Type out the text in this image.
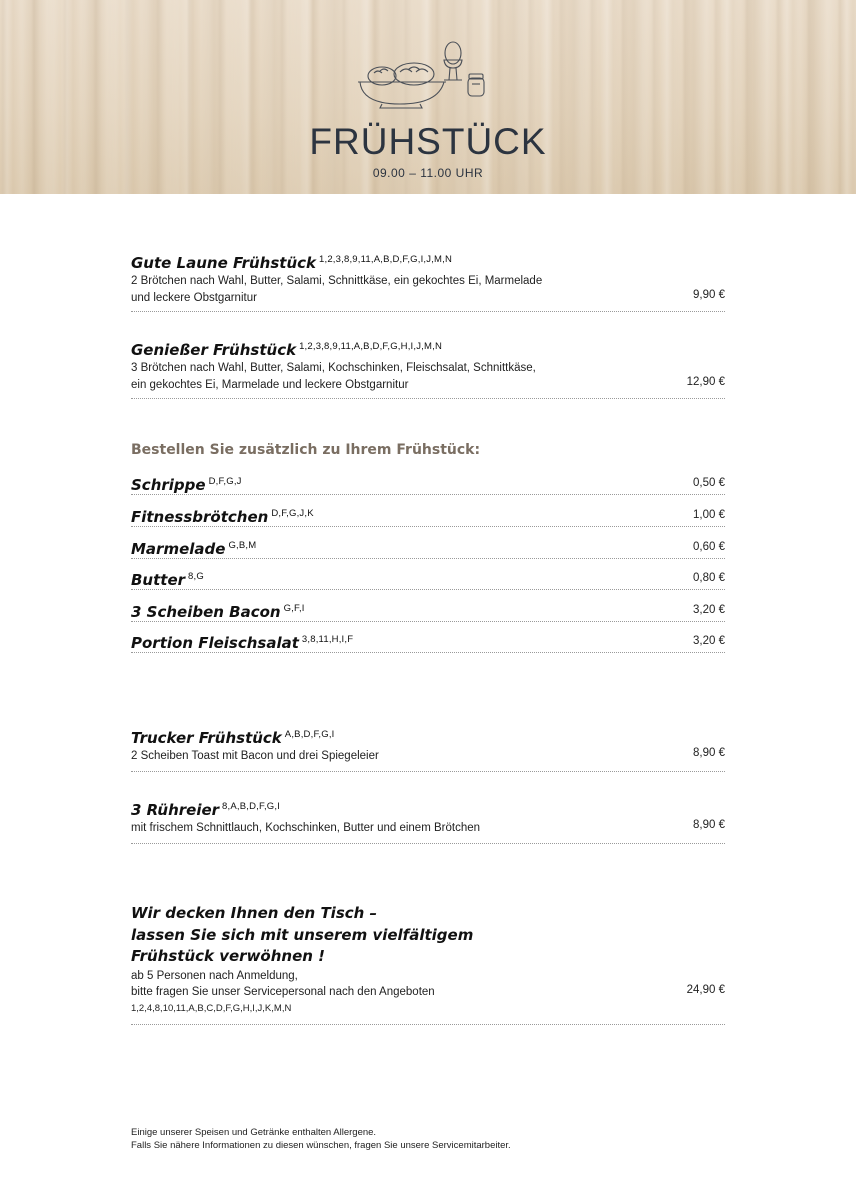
FRÜHSTÜCK
09.00 – 11.00 UHR
Gute Laune Frühstück $^{1,2,3,8,9,11,A,B,D,F,G,I,J,M,N}$
2 Brötchen nach Wahl, Butter, Salami, Schnittkäse, ein gekochtes Ei, Marmelade
und leckere Obstgarnitur	9,90 €
Genießer Frühstück $^{1,2,3,8,9,11,A,B,D,F,G,H,I,J,M,N}$
3 Brötchen nach Wahl, Butter, Salami, Kochschinken, Fleischsalat, Schnittkäse,
ein gekochtes Ei, Marmelade und leckere Obstgarnitur	12,90 €
Bestellen Sie zusätzlich zu Ihrem Frühstück:
Schrippe $^{D,F,G,J}$	0,50 €
Fitnessbrötchen $^{D,F,G,J,K}$	1,00 €
Marmelade $^{G,B,M}$	0,60 €
Butter $^{8,G}$	0,80 €
3 Scheiben Bacon $^{G,F,I}$	3,20 €
Portion Fleischsalat $^{3,8,11,H,I,F}$	3,20 €
Trucker Frühstück $^{A,B,D,F,G,I}$
2 Scheiben Toast mit Bacon und drei Spiegeleier	8,90 €
3 Rühreier $^{8,A,B,D,F,G,I}$
mit frischem Schnittlauch, Kochschinken, Butter und einem Brötchen	8,90 €
Wir decken Ihnen den Tisch –
lassen Sie sich mit unserem vielfältigem
Frühstück verwöhnen !
ab 5 Personen nach Anmeldung,
bitte fragen Sie unser Servicepersonal nach den Angeboten
1,2,4,8,10,11,A,B,C,D,F,G,H,I,J,K,M,N
24,90 €
Einige unserer Speisen und Getränke enthalten Allergene.
Falls Sie nähere Informationen zu diesen wünschen, fragen Sie unsere Servicemitarbeiter.
